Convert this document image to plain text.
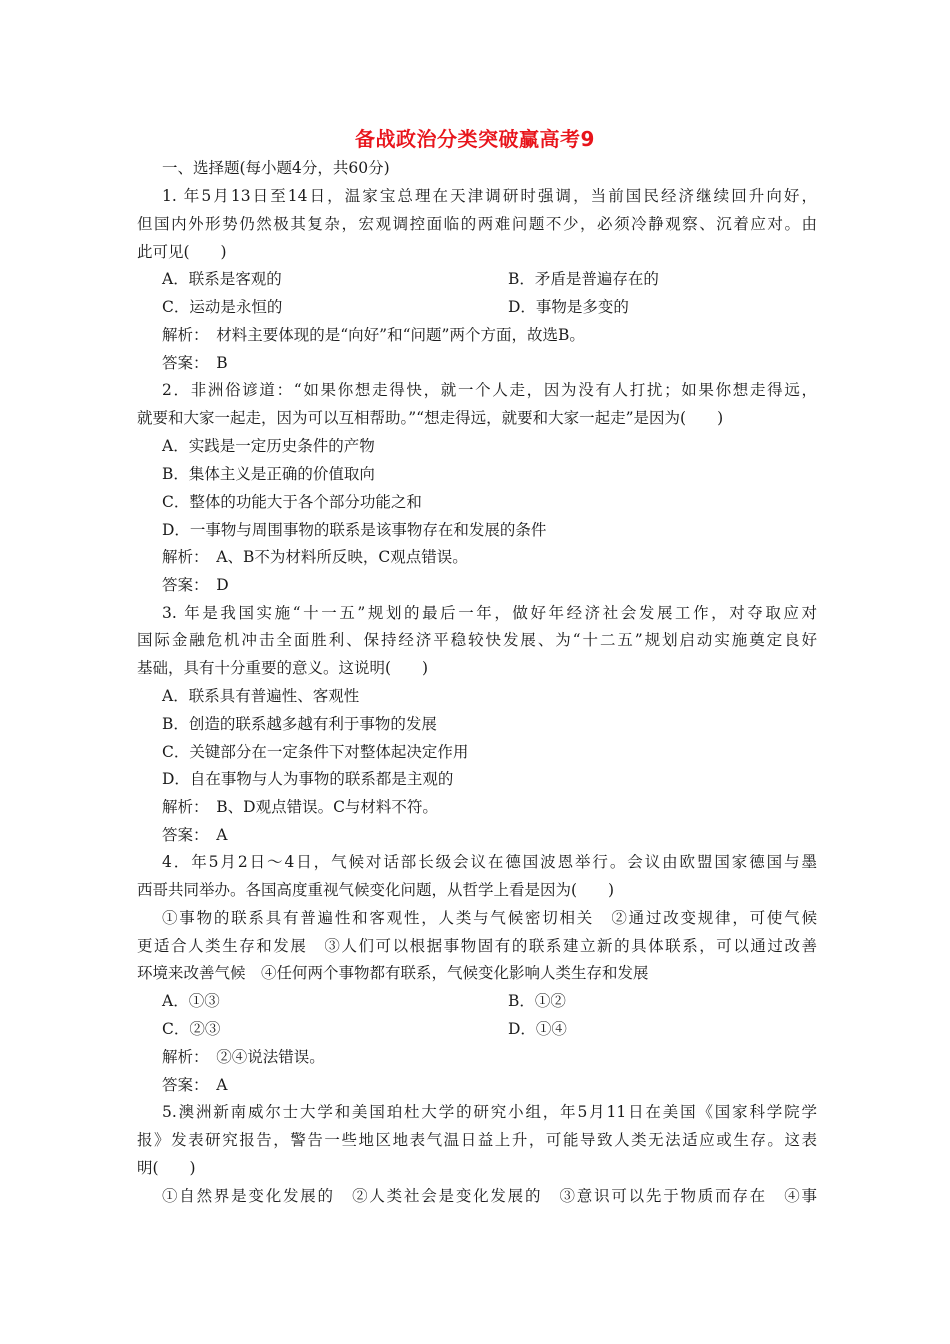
备战政治分类突破赢高考9
一、选择题(每小题4分，共60分)
1. 年5月13日至14日，温家宝总理在天津调研时强调，当前国民经济继续回升向好，
但国内外形势仍然极其复杂，宏观调控面临的两难问题不少，必须冷静观察、沉着应对。由
此可见(　　)
A．联系是客观的	B．矛盾是普遍存在的
C．运动是永恒的	D．事物是多变的
解析：　材料主要体现的是“向好”和“问题”两个方面，故选B。
答案：　B
2．非洲俗谚道：“如果你想走得快，就一个人走，因为没有人打扰；如果你想走得远，
就要和大家一起走，因为可以互相帮助。”“想走得远，就要和大家一起走”是因为(　　)
A．实践是一定历史条件的产物
B．集体主义是正确的价值取向
C．整体的功能大于各个部分功能之和
D．一事物与周围事物的联系是该事物存在和发展的条件
解析：　A、B不为材料所反映，C观点错误。
答案：　D
3. 年是我国实施“十一五”规划的最后一年，做好年经济社会发展工作，对夺取应对
国际金融危机冲击全面胜利、保持经济平稳较快发展、为“十二五”规划启动实施奠定良好
基础，具有十分重要的意义。这说明(　　)
A．联系具有普遍性、客观性
B．创造的联系越多越有利于事物的发展
C．关键部分在一定条件下对整体起决定作用
D．自在事物与人为事物的联系都是主观的
解析：　B、D观点错误。C与材料不符。
答案：　A
4．年5月2日～4日，气候对话部长级会议在德国波恩举行。会议由欧盟国家德国与墨
西哥共同举办。各国高度重视气候变化问题，从哲学上看是因为(　　)
①事物的联系具有普遍性和客观性，人类与气候密切相关　②通过改变规律，可使气候
更适合人类生存和发展　③人们可以根据事物固有的联系建立新的具体联系，可以通过改善
环境来改善气候　④任何两个事物都有联系，气候变化影响人类生存和发展
A．①③	B．①②
C．②③	D．①④
解析：　②④说法错误。
答案：　A
5.澳洲新南威尔士大学和美国珀杜大学的研究小组，年5月11日在美国《国家科学院学
报》发表研究报告，警告一些地区地表气温日益上升，可能导致人类无法适应或生存。这表
明(　　)
①自然界是变化发展的　②人类社会是变化发展的　③意识可以先于物质而存在　④事
